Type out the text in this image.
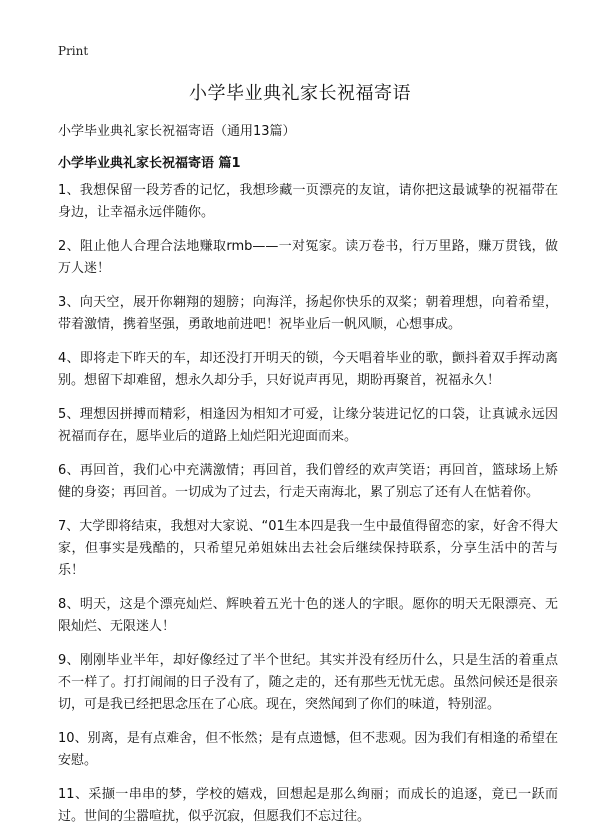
Print
小学毕业典礼家长祝福寄语
小学毕业典礼家长祝福寄语（通用13篇）
小学毕业典礼家长祝福寄语 篇1

1、我想保留一段芳香的记忆，我想珍藏一页漂亮的友谊，请你把这最诚挚的祝福带在身边，让幸福永远伴随你。

2、阻止他人合理合法地赚取rmb——一对冤家。读万卷书，行万里路，赚万贯钱，做万人迷！

3、向天空，展开你翱翔的翅膀；向海洋，扬起你快乐的双桨；朝着理想，向着希望，带着激情，携着坚强，勇敢地前进吧！祝毕业后一帆风顺，心想事成。

4、即将走下昨天的车，却还没打开明天的锁，今天唱着毕业的歌，颤抖着双手挥动离别。想留下却难留，想永久却分手，只好说声再见，期盼再聚首，祝福永久！

5、理想因拼搏而精彩，相逢因为相知才可爱，让缘分装进记忆的口袋，让真诚永远因祝福而存在，愿毕业后的道路上灿烂阳光迎面而来。

6、再回首，我们心中充满激情；再回首，我们曾经的欢声笑语；再回首，篮球场上矫健的身姿；再回首。一切成为了过去，行走天南海北，累了别忘了还有人在惦着你。

7、大学即将结束，我想对大家说、“01生本四是我一生中最值得留恋的家，好舍不得大家，但事实是残酷的，只希望兄弟姐妹出去社会后继续保持联系，分享生活中的苦与乐！

8、明天，这是个漂亮灿烂、辉映着五光十色的迷人的字眼。愿你的明天无限漂亮、无限灿烂、无限迷人！

9、刚刚毕业半年，却好像经过了半个世纪。其实并没有经历什么，只是生活的着重点不一样了。打打闹闹的日子没有了，随之走的，还有那些无忧无虑。虽然问候还是很亲切，可是我已经把思念压在了心底。现在，突然闻到了你们的味道，特别涩。

10、别离，是有点难舍，但不怅然；是有点遗憾，但不悲观。因为我们有相逢的希望在安慰。

11、采撷一串串的梦，学校的嬉戏，回想起是那么绚丽；而成长的追逐，竟已一跃而过。世间的尘嚣喧扰，似乎沉寂，但愿我们不忘过往。
